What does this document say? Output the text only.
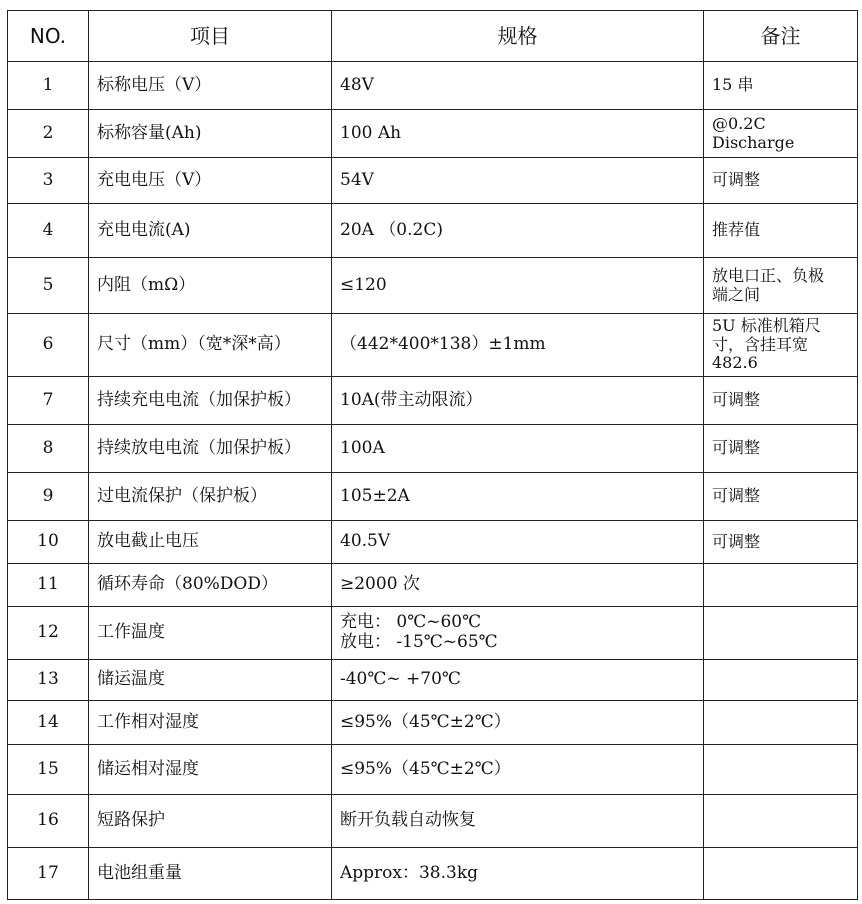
NO.	项目	规格	备注
1	标称电压（V）	48V	15 串

2	标称容量(Ah)	100 Ah	@0.2C
Discharge

3	充电电压（V）	54V	可调整

4	充电电流(A)	20A （0.2C)	推荐值

5	内阻（mΩ）	≤120	放电口正、负极
端之间

6	尺寸（mm）（宽*深*高）	（442*400*138）±1mm	5U 标准机箱尺
寸，含挂耳宽
482.6

7	持续充电电流（加保护板）	10A(带主动限流）	可调整

8	持续放电电流（加保护板）	100A	可调整

9	过电流保护（保护板）	105±2A	可调整

10	放电截止电压	40.5V	可调整

11	循环寿命（80%DOD）	≥2000 次	

12	工作温度	充电： 0℃~60℃
放电： -15℃~65℃	

13	储运温度	-40℃~ +70℃	

14	工作相对湿度	≤95%（45℃±2℃）	

15	储运相对湿度	≤95%（45℃±2℃）	

16	短路保护	断开负载自动恢复	

17	电池组重量	Approx：38.3kg	
